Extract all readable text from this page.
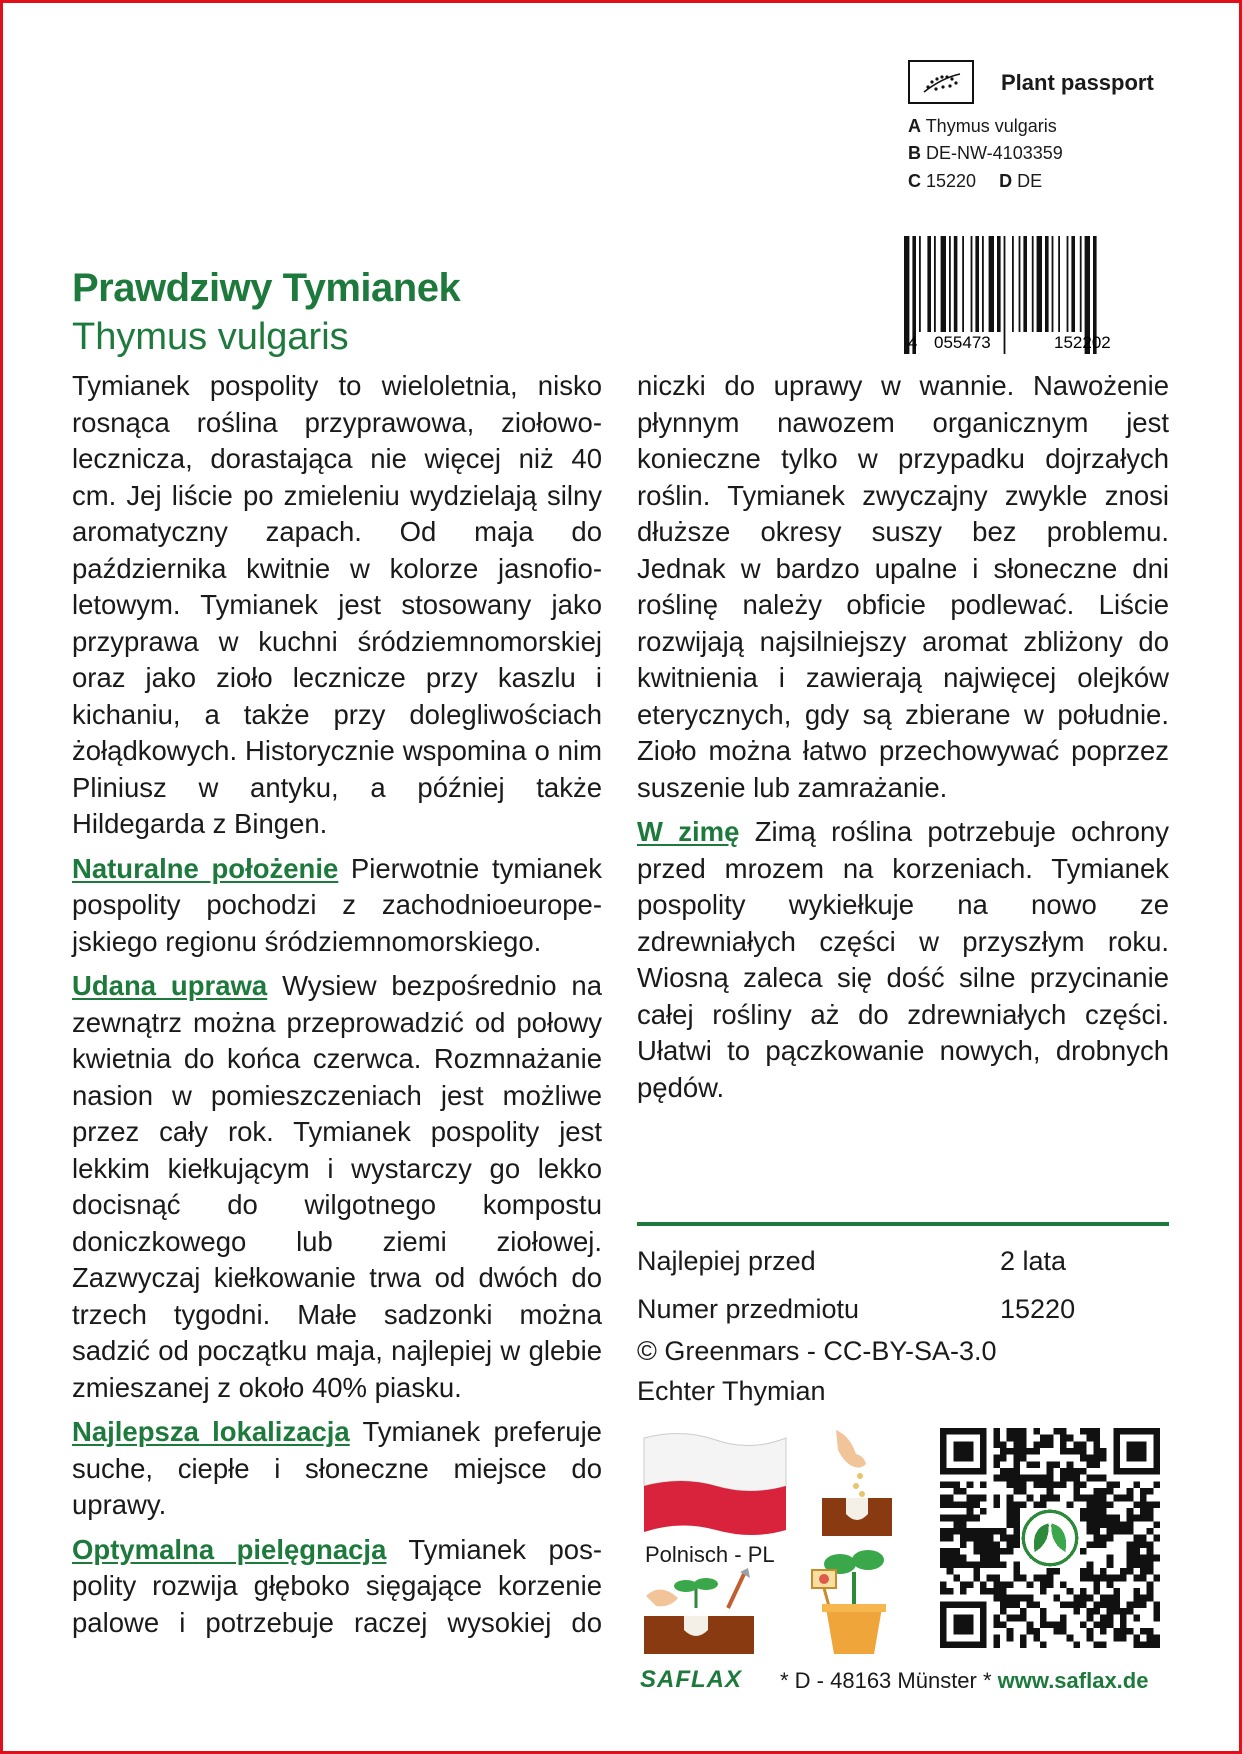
Plant passport
A Thymus vulgaris
B DE-NW-4103359
C 15220 D DE
4 055473	152202
Prawdziwy Tymianek
Thymus vulgaris

Tymianek pospolity to wieloletnia, nisko rosnąca roślina przyprawowa, ziołowolecznicza, dorastająca nie więcej niż 40 cm. Jej liście po zmieleniu wydzielają silny aromatyczny zapach. Od maja do października kwitnie w kolorze jasnofioletowym. Tymianek jest stosowany jako przyprawa w kuchni śródziemnomorskiej oraz jako zioło lecznicze przy kaszlu i kichaniu, a także przy dolegliwościach żołądkowych. Historycznie wspomina o nim Pliniusz w antyku, a później także Hildegarda z Bingen.

Naturalne położenie Pierwotnie tymianek pospolity pochodzi z zachodnioeuropejskiego regionu śródziemnomorskiego.

Udana uprawa Wysiew bezpośrednio na zewnątrz można przeprowadzić od połowy kwietnia do końca czerwca. Rozmnażanie nasion w pomieszczeniach jest możliwe przez cały rok. Tymianek pospolity jest lekkim kiełkującym i wystarczy go lekko docisnąć do wilgotnego kompostu doniczkowego lub ziemi ziołowej. Zazwyczaj kiełkowanie trwa od dwóch do trzech tygodni. Małe sadzonki można sadzić od początku maja, najlepiej w glebie zmieszanej z około 40% piasku.

Najlepsza lokalizacja Tymianek preferuje suche, ciepłe i słoneczne miejsce do uprawy.

Optymalna pielęgnacja Tymianek pospolity rozwija głęboko sięgające korzenie palowe i potrzebuje raczej wysokiej do

niczki do uprawy w wannie. Nawożenie płynnym nawozem organicznym jest konieczne tylko w przypadku dojrzałych roślin. Tymianek zwyczajny zwykle znosi dłuższe okresy suszy bez problemu. Jednak w bardzo upalne i słoneczne dni roślinę należy obficie podlewać. Liście rozwijają najsilniejszy aromat zbliżony do kwitnienia i zawierają najwięcej olejków eterycznych, gdy są zbierane w południe. Zioło można łatwo przechowywać poprzez suszenie lub zamrażanie.

W zimę Zimą roślina potrzebuje ochrony przed mrozem na korzeniach. Tymianek pospolity wykiełkuje na nowo ze zdrewniałych części w przyszłym roku. Wiosną zaleca się dość silne przycinanie całej rośliny aż do zdrewniałych części. Ułatwi to pączkowanie nowych, drobnych pędów.

Najlepiej przed	2 lata
Numer przedmiotu	15220
© Greenmars - CC-BY-SA-3.0
Echter Thymian
Polnisch - PL
SAFLAX * D - 48163 Münster * www.saflax.de
